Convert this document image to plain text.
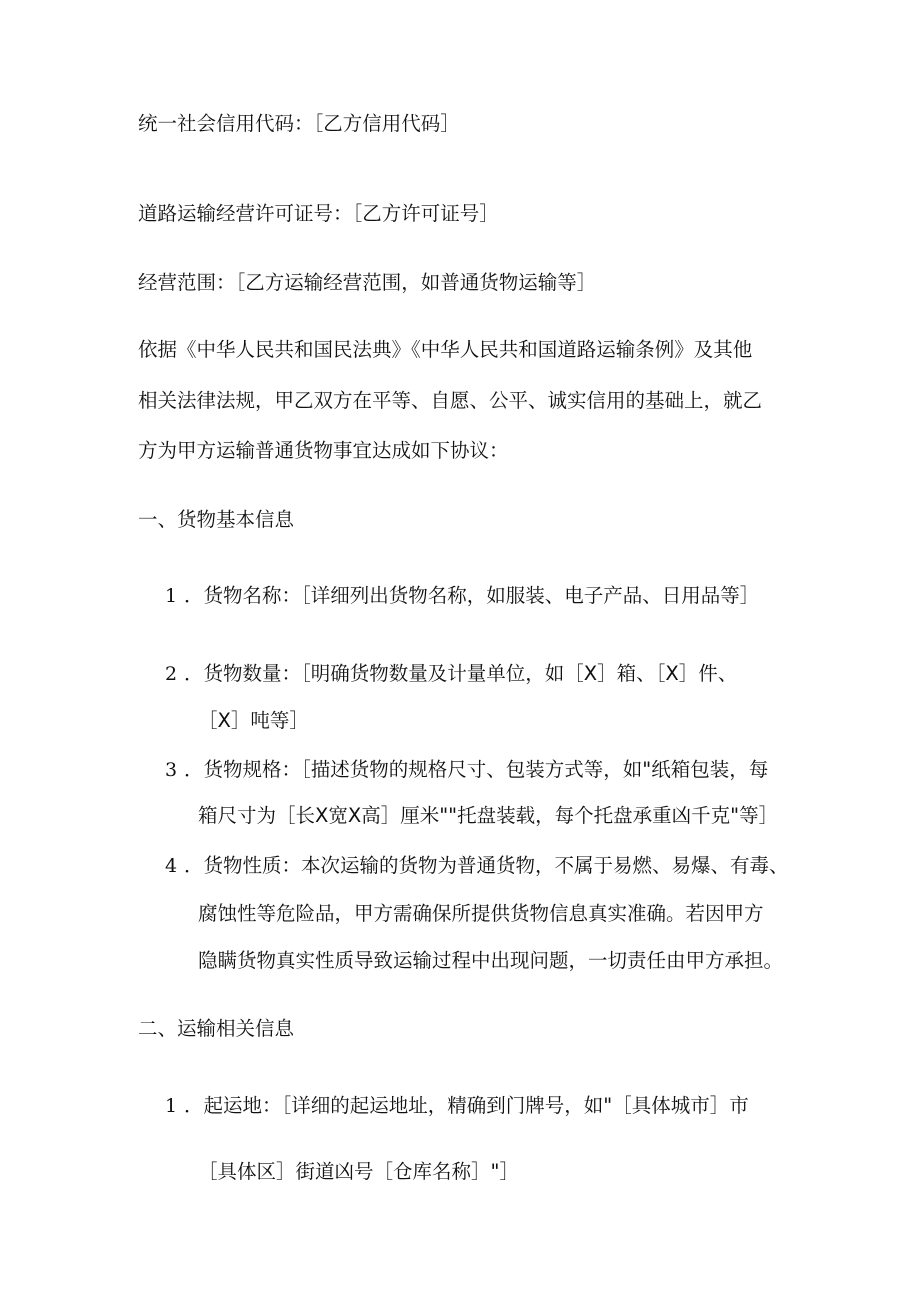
统一社会信用代码：［乙方信用代码］
道路运输经营许可证号：［乙方许可证号］
经营范围：［乙方运输经营范围，如普通货物运输等］
依据《中华人民共和国民法典》《中华人民共和国道路运输条例》及其他
相关法律法规，甲乙双方在平等、自愿、公平、诚实信用的基础上，就乙
方为甲方运输普通货物事宜达成如下协议：
一、货物基本信息
1 ．货物名称：［详细列出货物名称，如服装、电子产品、日用品等］
2 ．货物数量：［明确货物数量及计量单位，如［X］箱、［X］件、
［X］吨等］
3 ．货物规格：［描述货物的规格尺寸、包装方式等，如"纸箱包装，每
箱尺寸为［长X宽X高］厘米""托盘装载，每个托盘承重凶千克"等］
4 ．货物性质：本次运输的货物为普通货物，不属于易燃、易爆、有毒、
腐蚀性等危险品，甲方需确保所提供货物信息真实准确。若因甲方
隐瞒货物真实性质导致运输过程中出现问题，一切责任由甲方承担。
二、运输相关信息
1 ．起运地：［详细的起运地址，精确到门牌号，如"［具体城市］市
［具体区］街道凶号［仓库名称］"］
